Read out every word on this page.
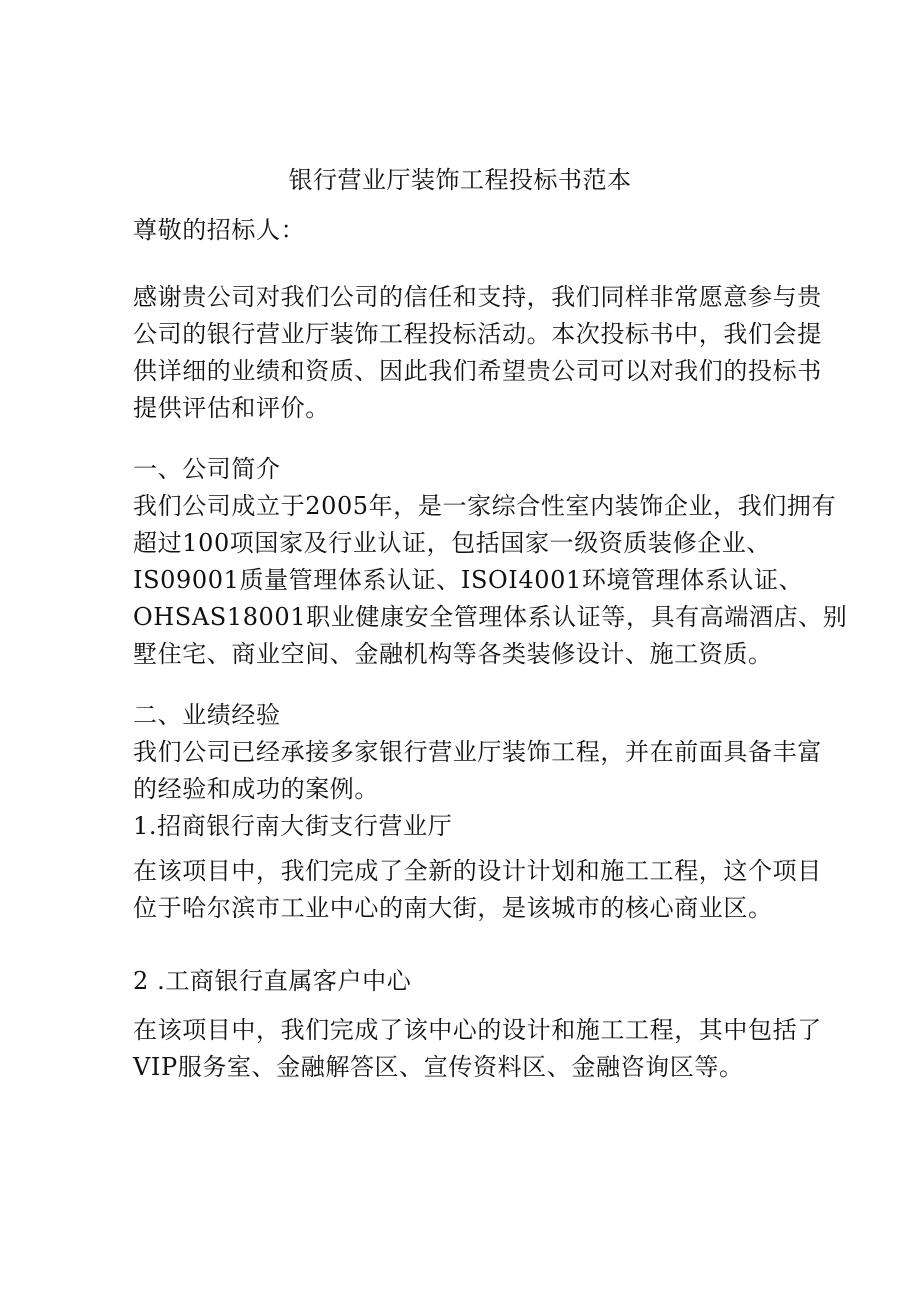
银行营业厅装饰工程投标书范本
尊敬的招标人：
感谢贵公司对我们公司的信任和支持，我们同样非常愿意参与贵
公司的银行营业厅装饰工程投标活动。本次投标书中，我们会提
供详细的业绩和资质、因此我们希望贵公司可以对我们的投标书
提供评估和评价。
一、公司简介
我们公司成立于2005年，是一家综合性室内装饰企业，我们拥有
超过100项国家及行业认证，包括国家一级资质装修企业、
IS09001质量管理体系认证、ISOI4001环境管理体系认证、
OHSAS18001职业健康安全管理体系认证等，具有高端酒店、别
墅住宅、商业空间、金融机构等各类装修设计、施工资质。
二、业绩经验
我们公司已经承接多家银行营业厅装饰工程，并在前面具备丰富
的经验和成功的案例。
1.招商银行南大街支行营业厅
在该项目中，我们完成了全新的设计计划和施工工程，这个项目
位于哈尔滨市工业中心的南大街，是该城市的核心商业区。
2 .工商银行直属客户中心
在该项目中，我们完成了该中心的设计和施工工程，其中包括了
VIP服务室、金融解答区、宣传资料区、金融咨询区等。
